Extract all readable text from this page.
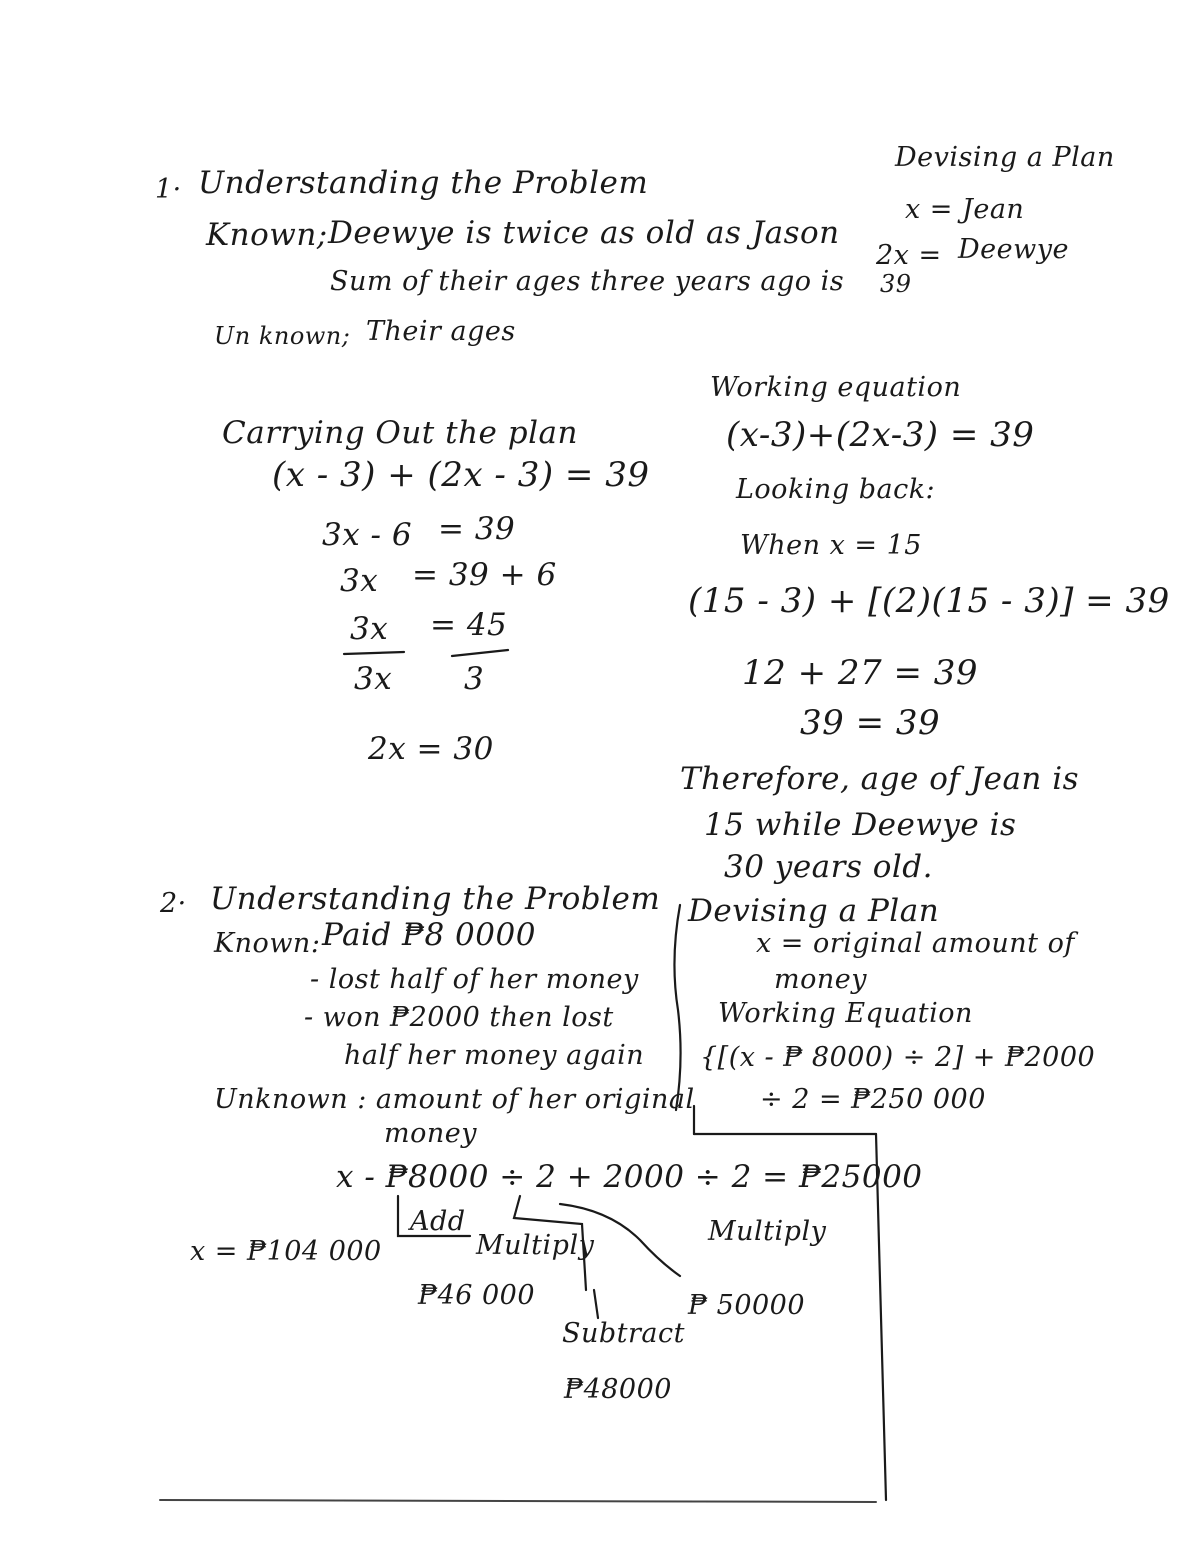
1· Understanding the Problem
Known; Deewye is twice as old as Jason
Sum of their ages three years ago is 39
Un known; Their ages
Devising a Plan
x = Jean
2x = Deewye
Working equation
(x-3)+(2x-3) = 39
Carrying Out the plan
(x - 3) + (2x - 3) = 39
3x - 6 = 39
3x = 39 + 6
3x = 45
3x 3
2x = 30
Looking back:
When x = 15
(15 - 3) + [(2)(15 - 3)] = 39
12 + 27 = 39
39 = 39
Therefore, age of Jean is
15 while Deewye is
30 years old.
2· Understanding the Problem
Known: Paid ₱8 0000
- lost half of her money
- won ₱2000 then lost
half her money again
Unknown : amount of her original
money
Devising a Plan
x = original amount of
money
Working Equation
{[(x - ₱ 8000) ÷ 2] + ₱2000
÷ 2 = ₱250 000
x - ₱8000 ÷ 2 + 2000 ÷ 2 = ₱25000
Add
Multiply	Multiply
₱46 000	₱ 50000
Subtract
₱48000
x = ₱104 000
